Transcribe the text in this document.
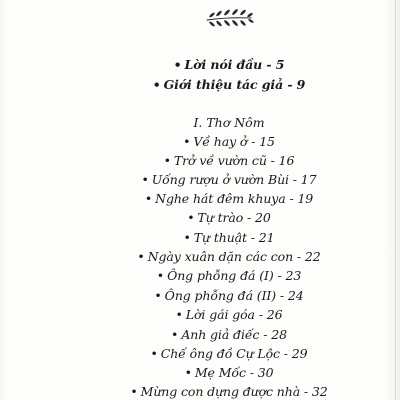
• Lời nói đầu - 5
• Giới thiệu tác giả - 9
I. Thơ Nôm
• Về hay ở - 15
• Trở về vườn cũ - 16
• Uống rượu ở vườn Bùi - 17
• Nghe hát đêm khuya - 19
• Tự trào - 20
• Tự thuật - 21
• Ngày xuân dặn các con - 22
• Ông phỗng đá (I) - 23
• Ông phỗng đá (II) - 24
• Lời gái góa - 26
• Anh giả điếc - 28
• Chế ông đồ Cự Lộc - 29
• Mẹ Mốc - 30
• Mừng con dựng được nhà - 32
